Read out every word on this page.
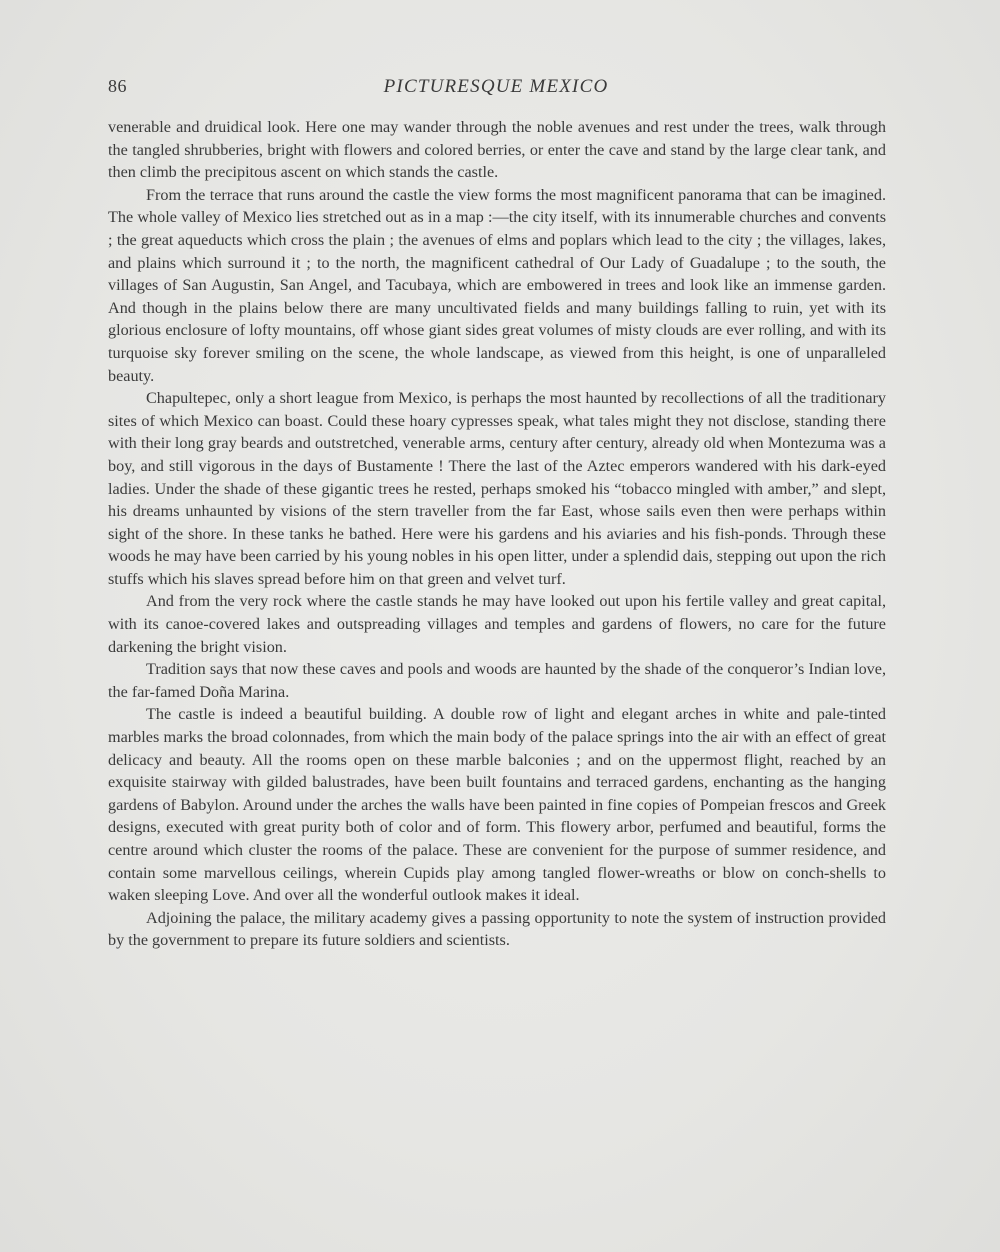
86	PICTURESQUE MEXICO

venerable and druidical look. Here one may wander through the noble avenues and rest under the trees, walk through the tangled shrubberies, bright with flowers and colored berries, or enter the cave and stand by the large clear tank, and then climb the precipitous ascent on which stands the castle.

From the terrace that runs around the castle the view forms the most magnificent panorama that can be imagined. The whole valley of Mexico lies stretched out as in a map :—the city itself, with its innumerable churches and convents ; the great aqueducts which cross the plain ; the avenues of elms and poplars which lead to the city ; the villages, lakes, and plains which surround it ; to the north, the magnificent cathedral of Our Lady of Guadalupe ; to the south, the villages of San Augustin, San Angel, and Tacubaya, which are embowered in trees and look like an immense garden. And though in the plains below there are many uncultivated fields and many buildings falling to ruin, yet with its glorious enclosure of lofty mountains, off whose giant sides great volumes of misty clouds are ever rolling, and with its turquoise sky forever smiling on the scene, the whole landscape, as viewed from this height, is one of unparalleled beauty.

Chapultepec, only a short league from Mexico, is perhaps the most haunted by recollections of all the traditionary sites of which Mexico can boast. Could these hoary cypresses speak, what tales might they not disclose, standing there with their long gray beards and outstretched, venerable arms, century after century, already old when Montezuma was a boy, and still vigorous in the days of Bustamente ! There the last of the Aztec emperors wandered with his dark-eyed ladies. Under the shade of these gigantic trees he rested, perhaps smoked his “tobacco mingled with amber,” and slept, his dreams unhaunted by visions of the stern traveller from the far East, whose sails even then were perhaps within sight of the shore. In these tanks he bathed. Here were his gardens and his aviaries and his fish-ponds. Through these woods he may have been carried by his young nobles in his open litter, under a splendid dais, stepping out upon the rich stuffs which his slaves spread before him on that green and velvet turf.

And from the very rock where the castle stands he may have looked out upon his fertile valley and great capital, with its canoe-covered lakes and outspreading villages and temples and gardens of flowers, no care for the future darkening the bright vision.

Tradition says that now these caves and pools and woods are haunted by the shade of the conqueror’s Indian love, the far-famed Doña Marina.

The castle is indeed a beautiful building. A double row of light and elegant arches in white and pale-tinted marbles marks the broad colonnades, from which the main body of the palace springs into the air with an effect of great delicacy and beauty. All the rooms open on these marble balconies ; and on the uppermost flight, reached by an exquisite stairway with gilded balustrades, have been built fountains and terraced gardens, enchanting as the hanging gardens of Babylon. Around under the arches the walls have been painted in fine copies of Pompeian frescos and Greek designs, executed with great purity both of color and of form. This flowery arbor, perfumed and beautiful, forms the centre around which cluster the rooms of the palace. These are convenient for the purpose of summer residence, and contain some marvellous ceilings, wherein Cupids play among tangled flower-wreaths or blow on conch-shells to waken sleeping Love. And over all the wonderful outlook makes it ideal.

Adjoining the palace, the military academy gives a passing opportunity to note the system of instruction provided by the government to prepare its future soldiers and scientists.
